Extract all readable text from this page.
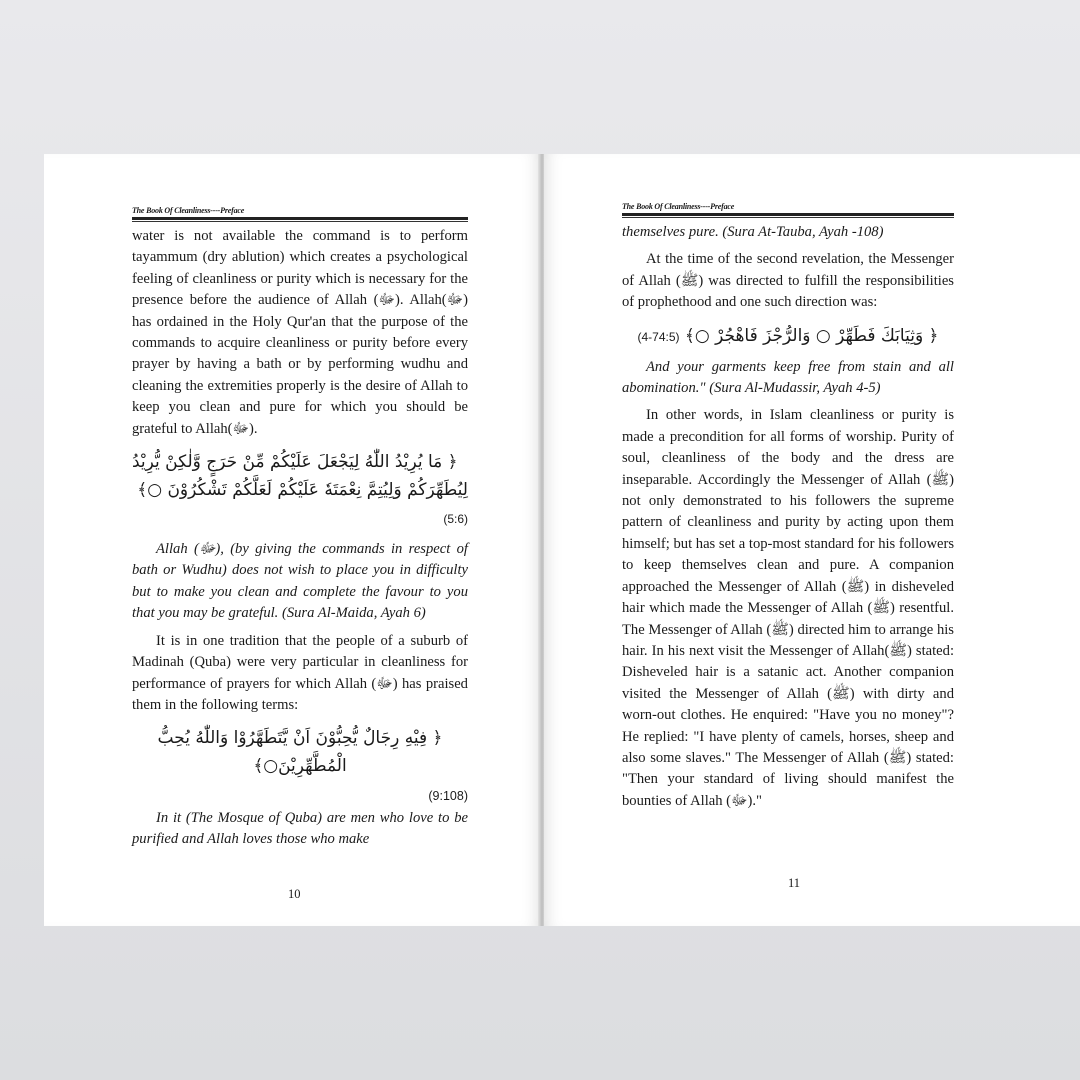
The Book Of Cleanliness----Preface

water is not available the command is to perform tayammum (dry ablution) which creates a psychological feeling of cleanliness or purity which is necessary for the presence before the audience of Allah (ﷻ). Allah(ﷻ) has ordained in the Holy Qur'an that the purpose of the commands to acquire cleanliness or purity before every prayer by having a bath or by performing wudhu and cleaning the extremities properly is the desire of Allah to keep you clean and pure for which you should be grateful to Allah(ﷻ).

﴿ مَا يُرِيْدُ اللّٰهُ لِيَجْعَلَ عَلَيْكُمْ مِّنْ حَرَجٍ وَّلٰكِنْ يُّرِيْدُ

لِيُطَهِّرَكُمْ وَلِيُتِمَّ نِعْمَتَهٗ عَلَيْكُمْ لَعَلَّكُمْ تَشْكُرُوْنَ ○﴾ (5:6)

Allah (ﷻ), (by giving the commands in respect of bath or Wudhu) does not wish to place you in difficulty but to make you clean and complete the favour to you that you may be grateful. (Sura Al-Maida, Ayah 6)

It is in one tradition that the people of a suburb of Madinah (Quba) were very particular in cleanliness for performance of prayers for which Allah (ﷻ) has praised them in the following terms:

﴿ فِيْهِ رِجَالٌ يُّحِبُّوْنَ اَنْ يَّتَطَهَّرُوْا وَاللّٰهُ يُحِبُّ الْمُطَّهِّرِيْنَ○﴾

(9:108)

In it (The Mosque of Quba) are men who love to be purified and Allah loves those who make

10
The Book Of Cleanliness----Preface

themselves pure. (Sura At-Tauba, Ayah -108)

At the time of the second revelation, the Messenger of Allah (ﷺ) was directed to fulfill the responsibilities of prophethood and one such direction was:

﴿ وَثِيَابَكَ فَطَهِّرْ ○ وَالرُّجْزَ فَاهْجُرْ ○﴾ (74:5-4)

And your garments keep free from stain and all abomination." (Sura Al-Mudassir, Ayah 4-5)

In other words, in Islam cleanliness or purity is made a precondition for all forms of worship. Purity of soul, cleanliness of the body and the dress are inseparable. Accordingly the Messenger of Allah (ﷺ) not only demonstrated to his followers the supreme pattern of cleanliness and purity by acting upon them himself; but has set a top-most standard for his followers to keep themselves clean and pure. A companion approached the Messenger of Allah (ﷺ) in disheveled hair which made the Messenger of Allah (ﷺ) resentful. The Messenger of Allah (ﷺ) directed him to arrange his hair. In his next visit the Messenger of Allah(ﷺ) stated: Disheveled hair is a satanic act. Another companion visited the Messenger of Allah (ﷺ) with dirty and worn-out clothes. He enquired: "Have you no money"? He replied: "I have plenty of camels, horses, sheep and also some slaves." The Messenger of Allah (ﷺ) stated: "Then your standard of living should manifest the bounties of Allah (ﷻ)."

11
